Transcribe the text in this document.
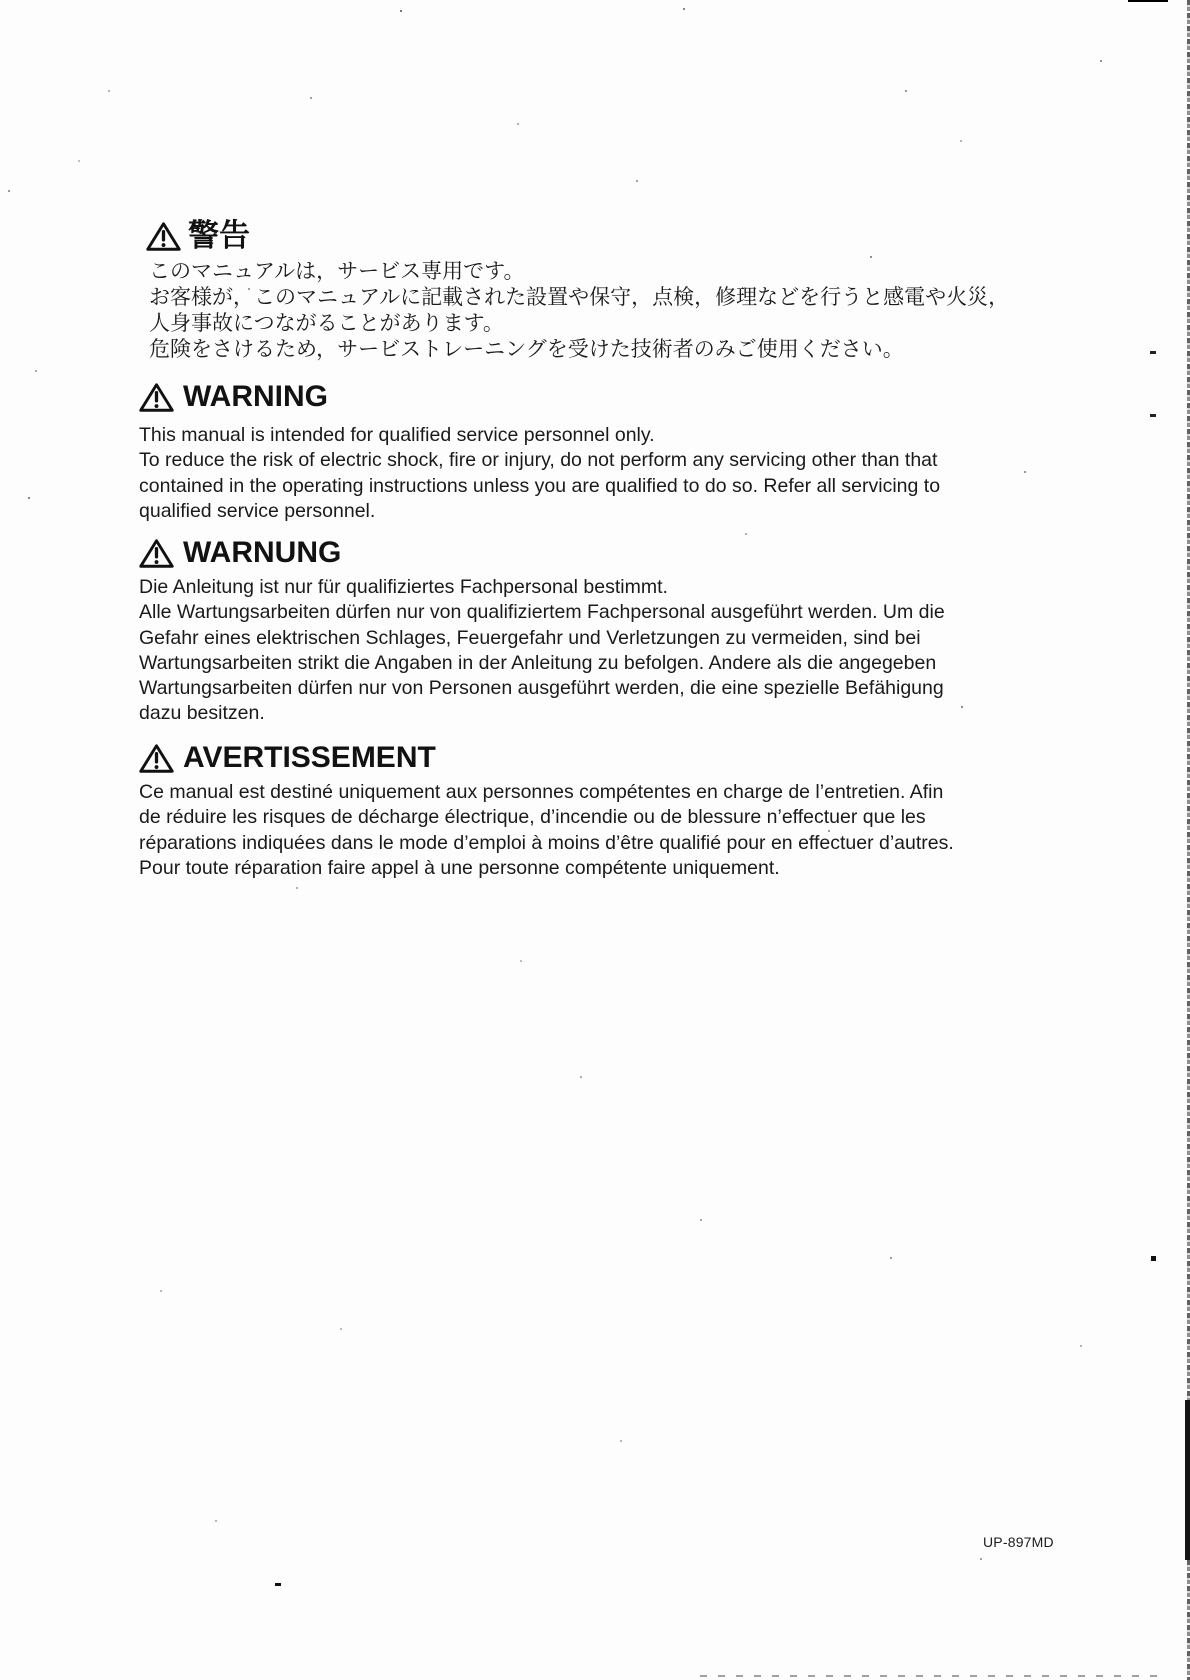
警告
このマニュアルは，サービス専用です。
お客様が，このマニュアルに記載された設置や保守，点検，修理などを行うと感電や火災，
人身事故につながることがあります。
危険をさけるため，サービストレーニングを受けた技術者のみご使用ください。
WARNING
This manual is intended for qualified service personnel only.
To reduce the risk of electric shock, fire or injury, do not perform any servicing other than that
contained in the operating instructions unless you are qualified to do so. Refer all servicing to
qualified service personnel.
WARNUNG
Die Anleitung ist nur für qualifiziertes Fachpersonal bestimmt.
Alle Wartungsarbeiten dürfen nur von qualifiziertem Fachpersonal ausgeführt werden. Um die
Gefahr eines elektrischen Schlages, Feuergefahr und Verletzungen zu vermeiden, sind bei
Wartungsarbeiten strikt die Angaben in der Anleitung zu befolgen. Andere als die angegeben
Wartungsarbeiten dürfen nur von Personen ausgeführt werden, die eine spezielle Befähigung
dazu besitzen.
AVERTISSEMENT
Ce manual est destiné uniquement aux personnes compétentes en charge de l’entretien. Afin
de réduire les risques de décharge électrique, d’incendie ou de blessure n’effectuer que les
réparations indiquées dans le mode d’emploi à moins d’être qualifié pour en effectuer d’autres.
Pour toute réparation faire appel à une personne compétente uniquement.
UP-897MD
